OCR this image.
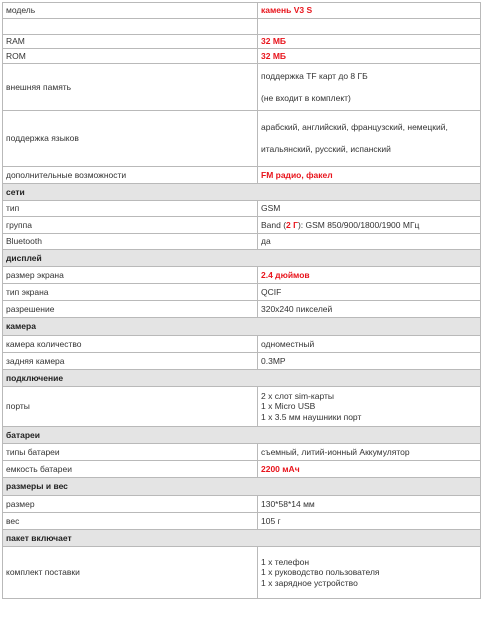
модель	камень V3 S

RAM	32 МБ
ROM	32 МБ
внешняя память	поддержка TF карт до 8 ГБ
(не входит в комплект)

поддержка языков	арабский, английский, французский, немецкий,
итальянский, русский, испанский

дополнительные возможности	FM радио, факел
сети	
тип	GSM
группа	Band (2 Г): GSM 850/900/1800/1900 МГц
Bluetooth	да
дисплей	
размер экрана	2.4 дюймов
тип экрана	QCIF
разрешение	320x240 пикселей
камера	
камера количество	одноместный
задняя камера	0.3MP
подключение	
порты	2 x слот sim-карты
1 x Micro USB
1 x 3.5 мм наушники порт

батареи	
типы батареи	съемный, литий-ионный Аккумулятор
емкость батареи	2200 мАч
размеры и вес	
размер	130*58*14 мм
вес	105 г
пакет включает	
комплект поставки	1 x телефон
1 x руководство пользователя
1 x зарядное устройство
